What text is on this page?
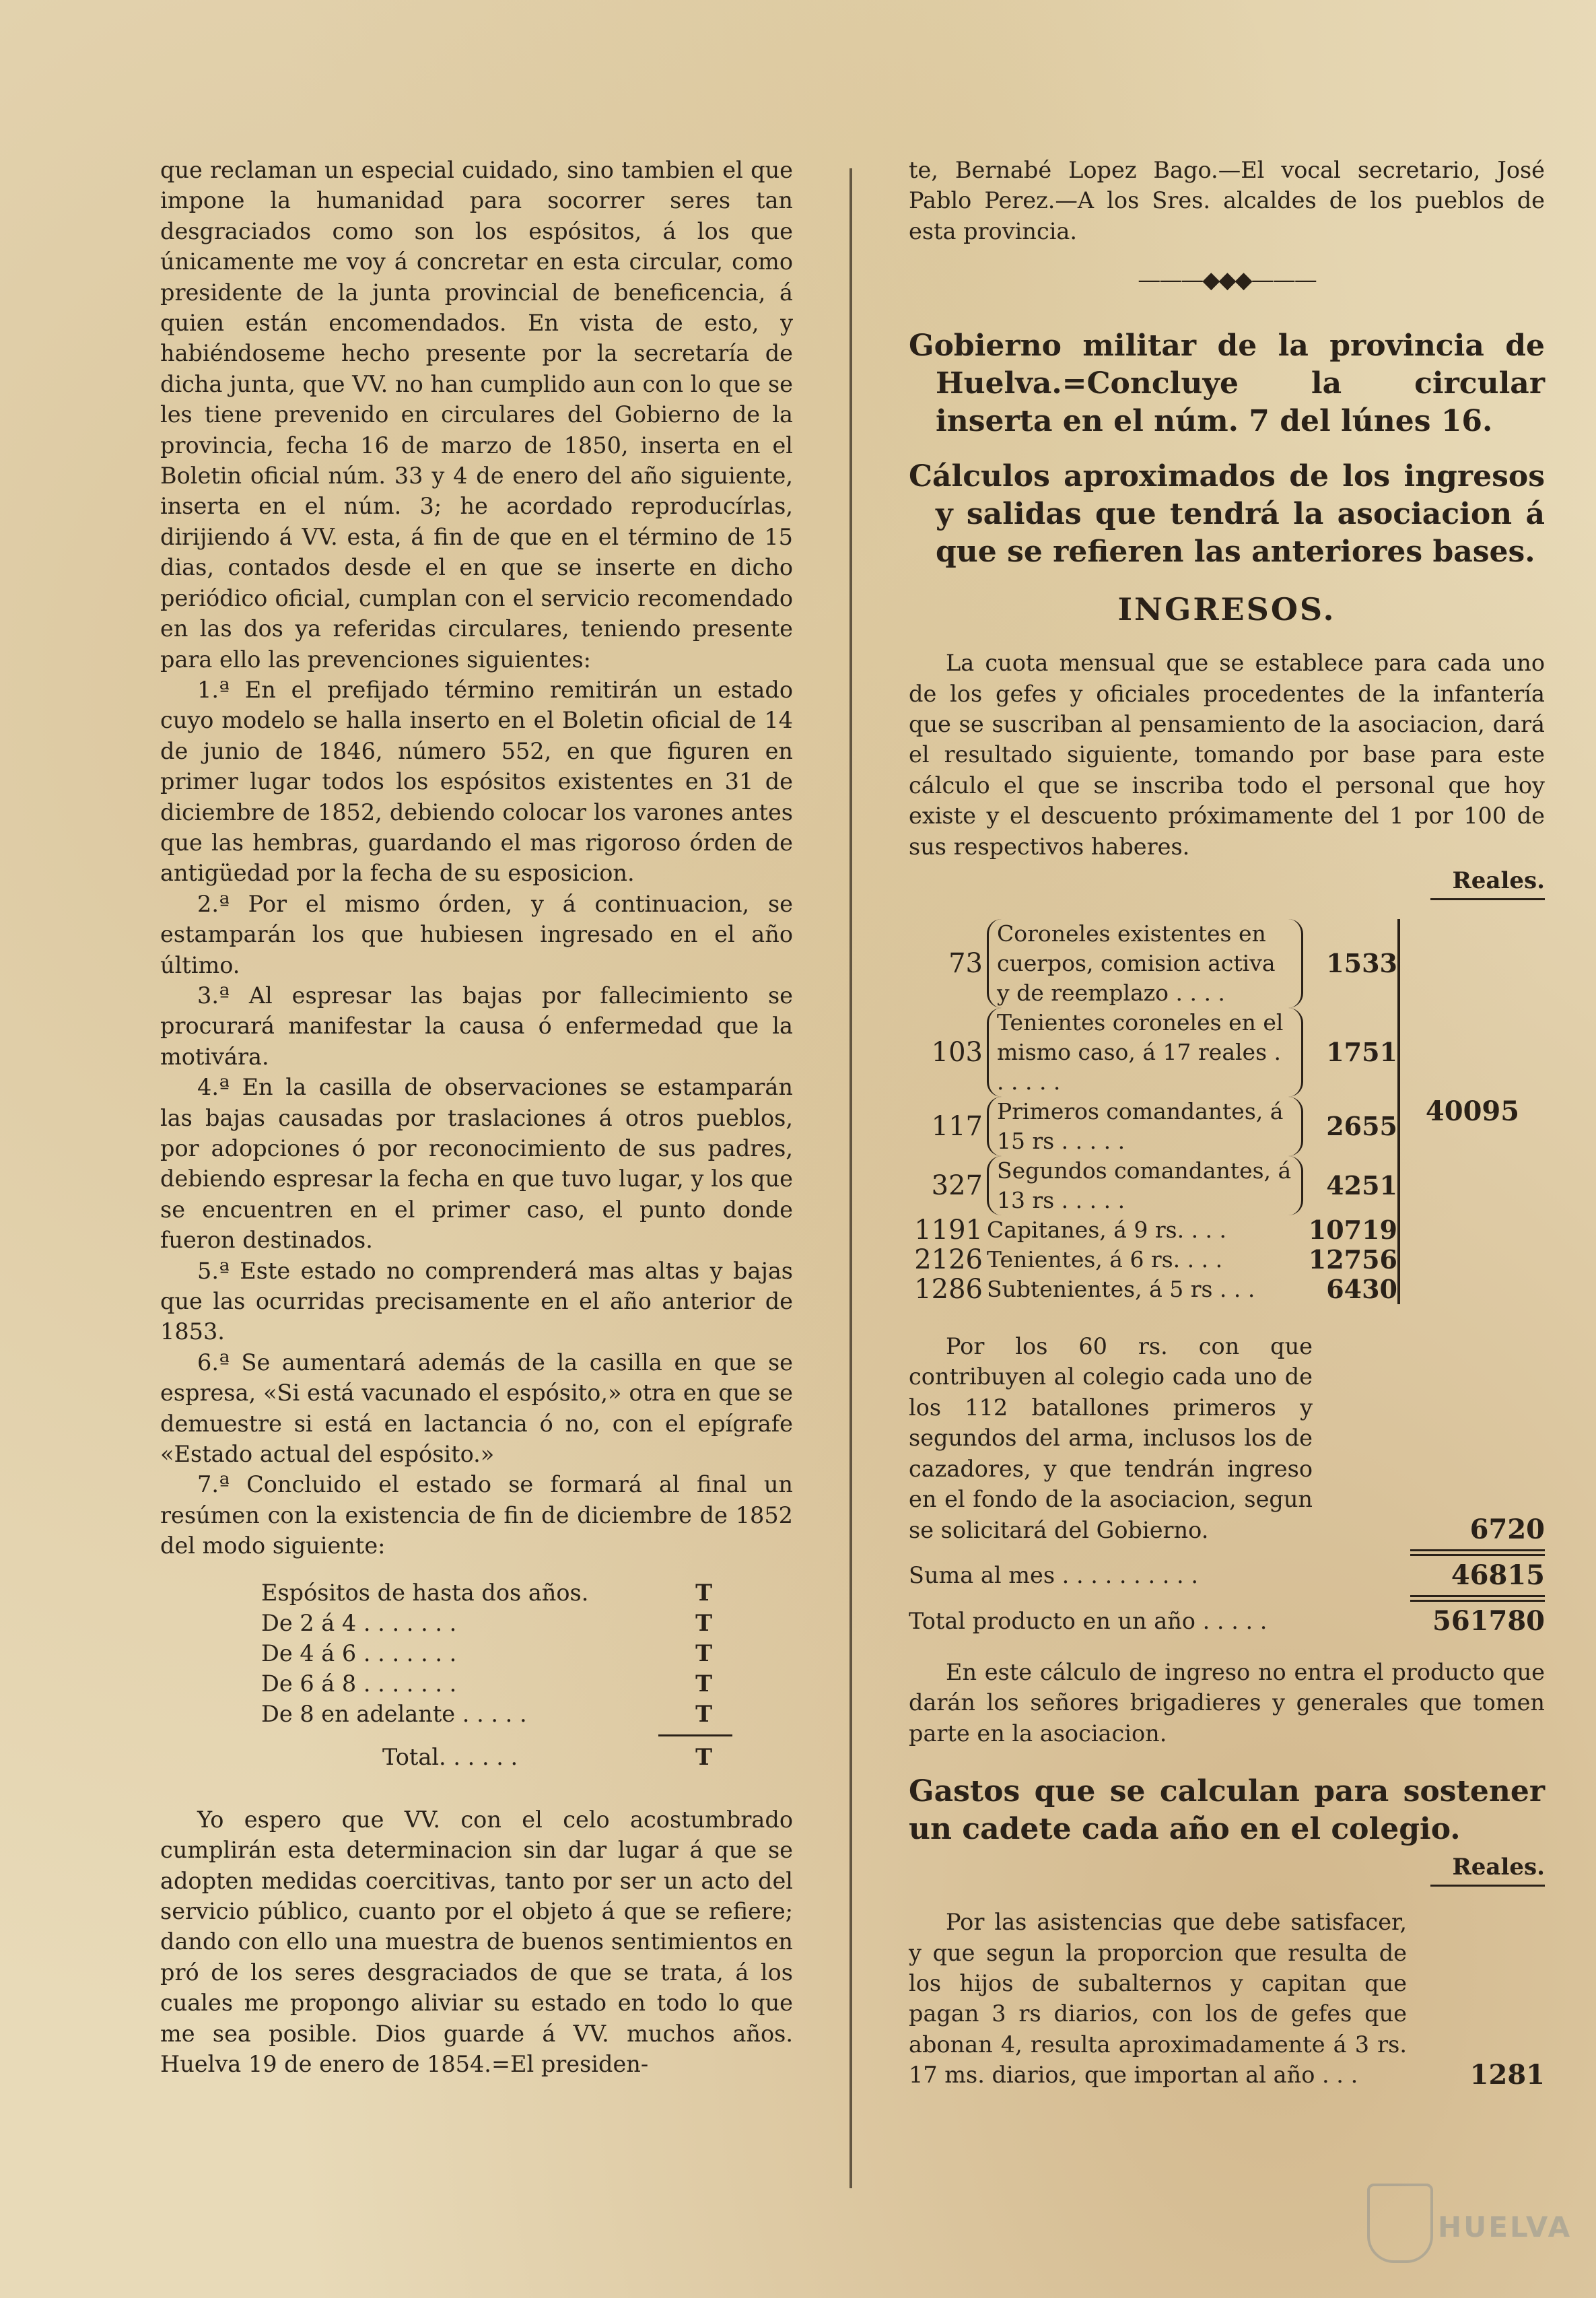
que reclaman un especial cuidado, sino tambien el que impone la humanidad para socorrer seres tan desgraciados como son los espósitos, á los que únicamente me voy á concretar en esta circular, como presidente de la junta provincial de beneficencia, á quien están encomendados. En vista de esto, y habiéndoseme hecho presente por la secretaría de dicha junta, que VV. no han cumplido aun con lo que se les tiene prevenido en circulares del Gobierno de la provincia, fecha 16 de marzo de 1850, inserta en el Boletin oficial núm. 33 y 4 de enero del año siguiente, inserta en el núm. 3; he acordado reproducírlas, dirijiendo á VV. esta, á fin de que en el término de 15 dias, contados desde el en que se inserte en dicho periódico oficial, cumplan con el servicio recomendado en las dos ya referidas circulares, teniendo presente para ello las prevenciones siguientes:

1.ª En el prefijado término remitirán un estado cuyo modelo se halla inserto en el Boletin oficial de 14 de junio de 1846, número 552, en que figuren en primer lugar todos los espósitos existentes en 31 de diciembre de 1852, debiendo colocar los varones antes que las hembras, guardando el mas rigoroso órden de antigüedad por la fecha de su esposicion.

2.ª Por el mismo órden, y á continuacion, se estamparán los que hubiesen ingresado en el año último.

3.ª Al espresar las bajas por fallecimiento se procurará manifestar la causa ó enfermedad que la motivára.

4.ª En la casilla de observaciones se estamparán las bajas causadas por traslaciones á otros pueblos, por adopciones ó por reconocimiento de sus padres, debiendo espresar la fecha en que tuvo lugar, y los que se encuentren en el primer caso, el punto donde fueron destinados.

5.ª Este estado no comprenderá mas altas y bajas que las ocurridas precisamente en el año anterior de 1853.

6.ª Se aumentará además de la casilla en que se espresa, «Si está vacunado el espósito,» otra en que se demuestre si está en lactancia ó no, con el epígrafe «Estado actual del espósito.»

7.ª Concluido el estado se formará al final un resúmen con la existencia de fin de diciembre de 1852 del modo siguiente:

Espósitos de hasta dos años.	T
De 2 á 4 . . . . . . .	T
De 4 á 6 . . . . . . .	T
De 6 á 8 . . . . . . .	T
De 8 en adelante . . . . .	T
Total. . . . . .	T

Yo espero que VV. con el celo acostumbrado cumplirán esta determinacion sin dar lugar á que se adopten medidas coercitivas, tanto por ser un acto del servicio público, cuanto por el objeto á que se refiere; dando con ello una muestra de buenos sentimientos en pró de los seres desgraciados de que se trata, á los cuales me propongo aliviar su estado en todo lo que me sea posible. Dios guarde á VV. muchos años. Huelva 19 de enero de 1854.=El presiden-

te, Bernabé Lopez Bago.—El vocal secretario, José Pablo Perez.—A los Sres. alcaldes de los pueblos de esta provincia.

———◆◆◆———

Gobierno militar de la provincia de Huelva.=Concluye la circular inserta en el núm. 7 del lúnes 16.

Cálculos aproximados de los ingresos y salidas que tendrá la asociacion á que se refieren las anteriores bases.

INGRESOS.

La cuota mensual que se establece para cada uno de los gefes y oficiales procedentes de la infantería que se suscriban al pensamiento de la asociacion, dará el resultado siguiente, tomando por base para este cálculo el que se inscriba todo el personal que hoy existe y el descuento próximamente del 1 por 100 de sus respectivos haberes.

Reales.
73	Coroneles existentes en cuerpos, comision activa y de reemplazo . . . .	1533	40095
103	Tenientes coroneles en el mismo caso, á 17 reales . . . . . .	1751	
117	Primeros comandantes, á 15 rs . . . . .	2655	
327	Segundos comandantes, á 13 rs . . . . .	4251	
1191	Capitanes, á 9 rs. . . .	10719	
2126	Tenientes, á 6 rs. . . .	12756	
1286	Subtenientes, á 5 rs . . .	6430	

Por los 60 rs. con que contribuyen al colegio cada uno de los 112 batallones primeros y segundos del arma, inclusos los de cazadores, y que tendrán ingreso en el fondo de la asociacion, segun se solicitará del Gobierno.	6720
Suma al mes . . . . . . . . . .	46815
Total producto en un año . . . . .	561780

En este cálculo de ingreso no entra el producto que darán los señores brigadieres y generales que tomen parte en la asociacion.

Gastos que se calculan para sostener un cadete cada año en el colegio.

Reales.

Por las asistencias que debe satisfacer, y que segun la proporcion que resulta de los hijos de subalternos y capitan que pagan 3 rs diarios, con los de gefes que abonan 4, resulta aproximadamente á 3 rs. 17 ms. diarios, que importan al año . . .	1281
HUELVA
